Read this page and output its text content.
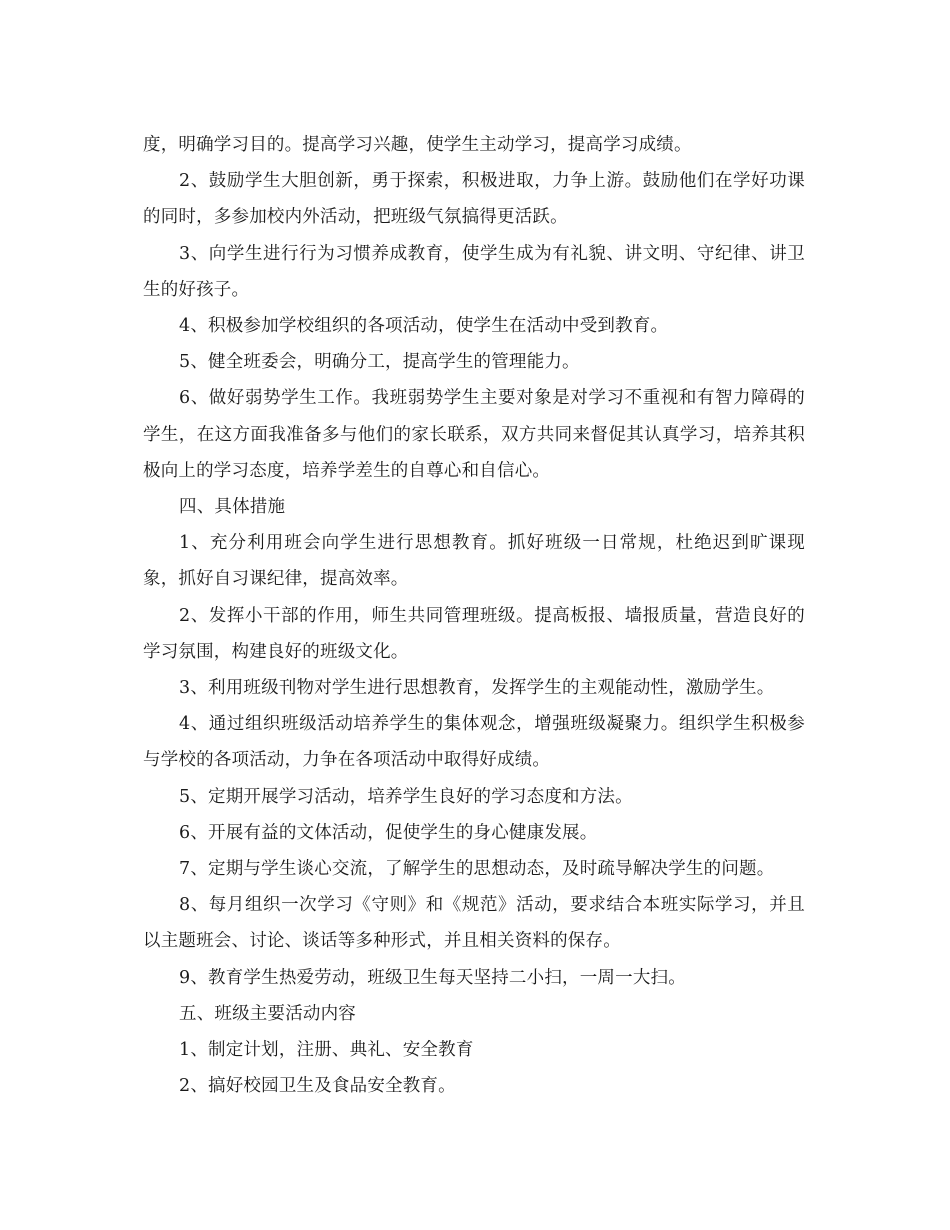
度，明确学习目的。提高学习兴趣，使学生主动学习，提高学习成绩。

2、鼓励学生大胆创新，勇于探索，积极进取，力争上游。鼓励他们在学好功课的同时，多参加校内外活动，把班级气氛搞得更活跃。

3、向学生进行行为习惯养成教育，使学生成为有礼貌、讲文明、守纪律、讲卫生的好孩子。

4、积极参加学校组织的各项活动，使学生在活动中受到教育。

5、健全班委会，明确分工，提高学生的管理能力。

6、做好弱势学生工作。我班弱势学生主要对象是对学习不重视和有智力障碍的学生，在这方面我准备多与他们的家长联系，双方共同来督促其认真学习，培养其积极向上的学习态度，培养学差生的自尊心和自信心。

四、具体措施

1、充分利用班会向学生进行思想教育。抓好班级一日常规，杜绝迟到旷课现象，抓好自习课纪律，提高效率。

2、发挥小干部的作用，师生共同管理班级。提高板报、墙报质量，营造良好的学习氛围，构建良好的班级文化。

3、利用班级刊物对学生进行思想教育，发挥学生的主观能动性，激励学生。

4、通过组织班级活动培养学生的集体观念，增强班级凝聚力。组织学生积极参与学校的各项活动，力争在各项活动中取得好成绩。

5、定期开展学习活动，培养学生良好的学习态度和方法。

6、开展有益的文体活动，促使学生的身心健康发展。

7、定期与学生谈心交流，了解学生的思想动态，及时疏导解决学生的问题。

8、每月组织一次学习《守则》和《规范》活动，要求结合本班实际学习，并且以主题班会、讨论、谈话等多种形式，并且相关资料的保存。

9、教育学生热爱劳动，班级卫生每天坚持二小扫，一周一大扫。

五、班级主要活动内容

1、制定计划，注册、典礼、安全教育

2、搞好校园卫生及食品安全教育。
